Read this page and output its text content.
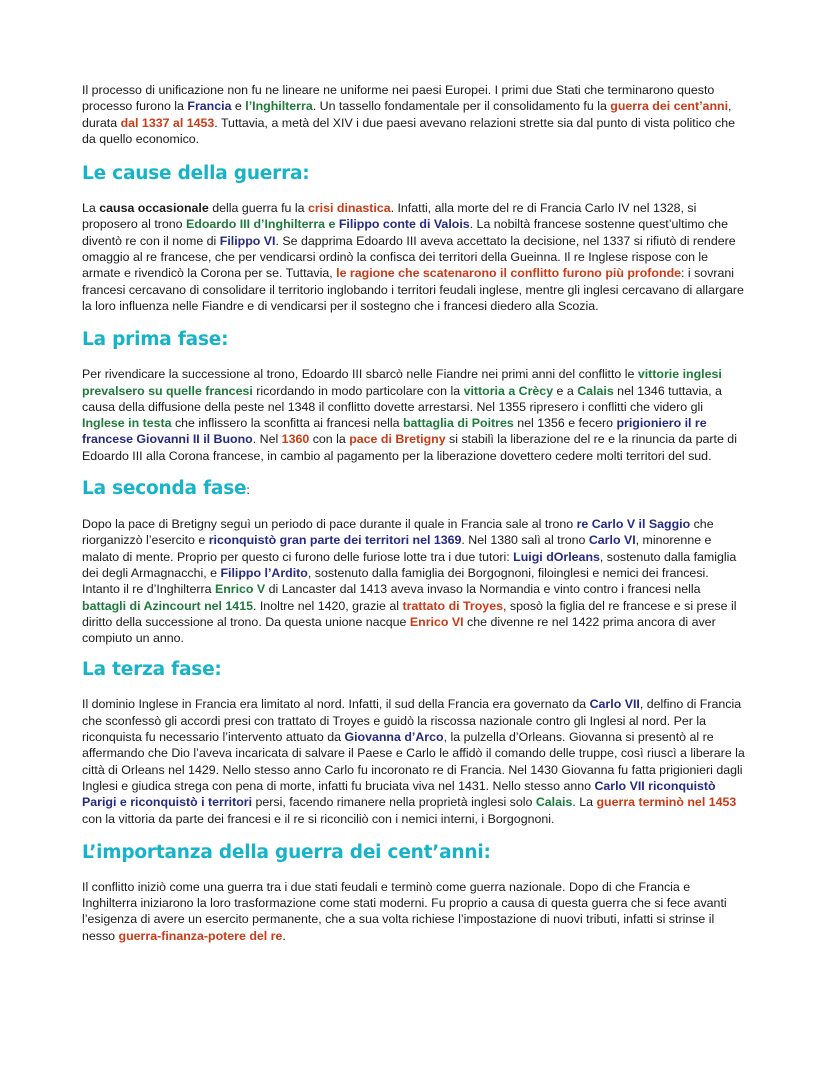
Il processo di unificazione non fu ne lineare ne uniforme nei paesi Europei. I primi due Stati che terminarono questo processo furono la Francia e l’Inghilterra. Un tassello fondamentale per il consolidamento fu la guerra dei cent’anni, durata dal 1337 al 1453. Tuttavia, a metà del XIV i due paesi avevano relazioni strette sia dal punto di vista politico che da quello economico.

Le cause della guerra:

La causa occasionale della guerra fu la crisi dinastica. Infatti, alla morte del re di Francia Carlo IV nel 1328, si proposero al trono Edoardo III d’Inghilterra e Filippo conte di Valois. La nobiltà francese sostenne quest’ultimo che diventò re con il nome di Filippo VI. Se dapprima Edoardo III aveva accettato la decisione, nel 1337 si rifiutò di rendere omaggio al re francese, che per vendicarsi ordinò la confisca dei territori della Gueinna. Il re Inglese rispose con le armate e rivendicò la Corona per se. Tuttavia, le ragione che scatenarono il conflitto furono più profonde: i sovrani francesi cercavano di consolidare il territorio inglobando i territori feudali inglese, mentre gli inglesi cercavano di allargare la loro influenza nelle Fiandre e di vendicarsi per il sostegno che i francesi diedero alla Scozia.

La prima fase:

Per rivendicare la successione al trono, Edoardo III sbarcò nelle Fiandre nei primi anni del conflitto le vittorie inglesi prevalsero su quelle francesi ricordando in modo particolare con la vittoria a Crècy e a Calais nel 1346 tuttavia, a causa della diffusione della peste nel 1348 il conflitto dovette arrestarsi. Nel 1355 ripresero i conflitti che videro gli Inglese in testa che inflissero la sconfitta ai francesi nella battaglia di Poitres nel 1356 e fecero prigioniero il re francese Giovanni II il Buono. Nel 1360 con la pace di Bretigny si stabilì la liberazione del re e la rinuncia da parte di Edoardo III alla Corona francese, in cambio al pagamento per la liberazione dovettero cedere molti territori del sud.

La seconda fase:

Dopo la pace di Bretigny seguì un periodo di pace durante il quale in Francia sale al trono re Carlo V il Saggio che riorganizzò l’esercito e riconquistò gran parte dei territori nel 1369. Nel 1380 salì al trono Carlo VI, minorenne e malato di mente. Proprio per questo ci furono delle furiose lotte tra i due tutori: Luigi dOrleans, sostenuto dalla famiglia dei degli Armagnacchi, e Filippo l’Ardito, sostenuto dalla famiglia dei Borgognoni, filoinglesi e nemici dei francesi. Intanto il re d’Inghilterra Enrico V di Lancaster dal 1413 aveva invaso la Normandia e vinto contro i francesi nella battagli di Azincourt nel 1415. Inoltre nel 1420, grazie al trattato di Troyes, sposò la figlia del re francese e si prese il diritto della successione al trono. Da questa unione nacque Enrico VI che divenne re nel 1422 prima ancora di aver compiuto un anno.

La terza fase:

Il dominio Inglese in Francia era limitato al nord. Infatti, il sud della Francia era governato da Carlo VII, delfino di Francia che sconfessò gli accordi presi con trattato di Troyes e guidò la riscossa nazionale contro gli Inglesi al nord. Per la riconquista fu necessario l’intervento attuato da Giovanna d’Arco, la pulzella d’Orleans. Giovanna si presentò al re affermando che Dio l’aveva incaricata di salvare il Paese e Carlo le affidò il comando delle truppe, così riuscì a liberare la città di Orleans nel 1429. Nello stesso anno Carlo fu incoronato re di Francia. Nel 1430 Giovanna fu fatta prigionieri dagli Inglesi e giudica strega con pena di morte, infatti fu bruciata viva nel 1431. Nello stesso anno Carlo VII riconquistò Parigi e riconquistò i territori persi, facendo rimanere nella proprietà inglesi solo Calais. La guerra terminò nel 1453 con la vittoria da parte dei francesi e il re si riconciliò con i nemici interni, i Borgognoni.

L’importanza della guerra dei cent’anni:

Il conflitto iniziò come una guerra tra i due stati feudali e terminò come guerra nazionale. Dopo di che Francia e Inghilterra iniziarono la loro trasformazione come stati moderni. Fu proprio a causa di questa guerra che si fece avanti l’esigenza di avere un esercito permanente, che a sua volta richiese l’impostazione di nuovi tributi, infatti si strinse il nesso guerra-finanza-potere del re.
